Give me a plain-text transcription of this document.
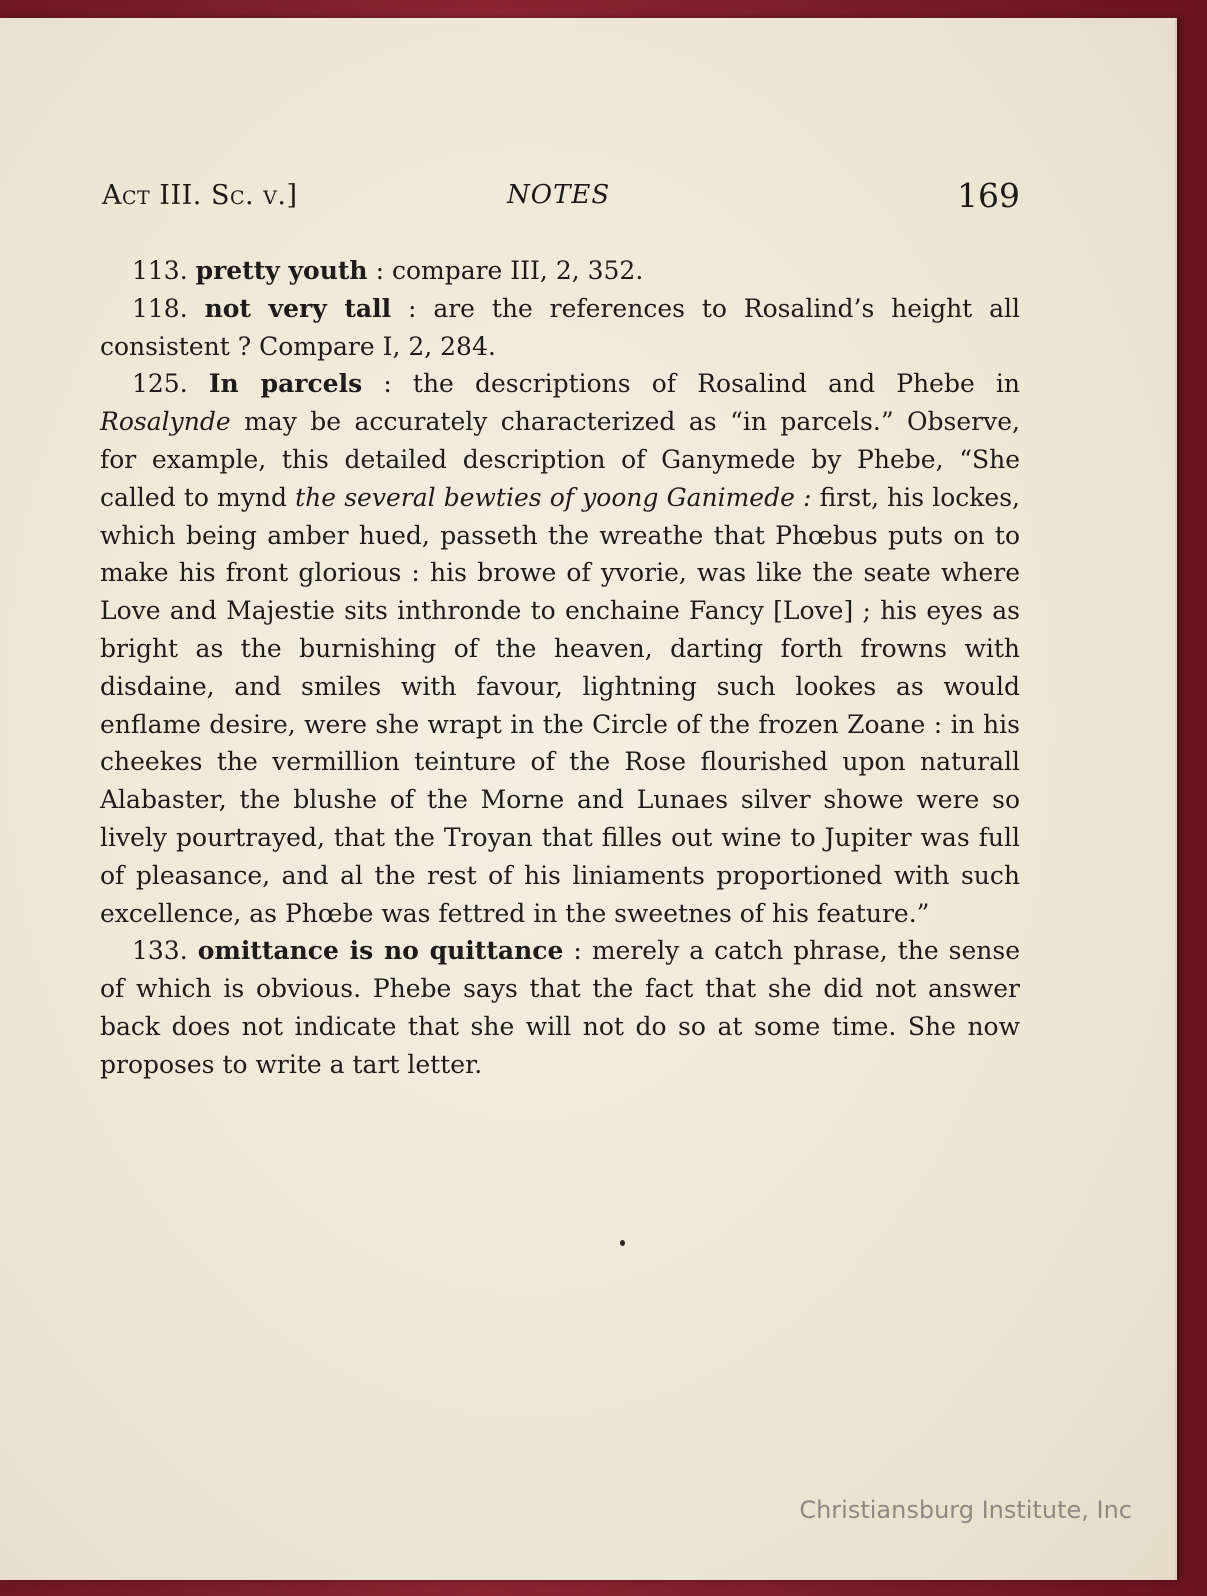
Act III. Sc. v.]	NOTES	169

113. pretty youth : compare III, 2, 352.

118. not very tall : are the references to Rosalind’s height all consistent ? Compare I, 2, 284.

125. In parcels : the descriptions of Rosalind and Phebe in Rosalynde may be accurately characterized as “in parcels.” Observe, for example, this detailed description of Ganymede by Phebe, “She called to mynd the several bewties of yoong Ganimede : first, his lockes, which being amber hued, passeth the wreathe that Phœbus puts on to make his front glorious : his browe of yvorie, was like the seate where Love and Majestie sits inthronde to enchaine Fancy [Love] ; his eyes as bright as the burnishing of the heaven, darting forth frowns with disdaine, and smiles with favour, lightning such lookes as would enflame desire, were she wrapt in the Circle of the frozen Zoane : in his cheekes the vermillion teinture of the Rose flourished upon naturall Alabaster, the blushe of the Morne and Lunaes silver showe were so lively pourtrayed, that the Troyan that filles out wine to Jupiter was full of pleasance, and al the rest of his liniaments proportioned with such excellence, as Phœbe was fettred in the sweetnes of his feature.”

133. omittance is no quittance : merely a catch phrase, the sense of which is obvious. Phebe says that the fact that she did not answer back does not indicate that she will not do so at some time. She now proposes to write a tart letter.

Christiansburg Institute, Inc
